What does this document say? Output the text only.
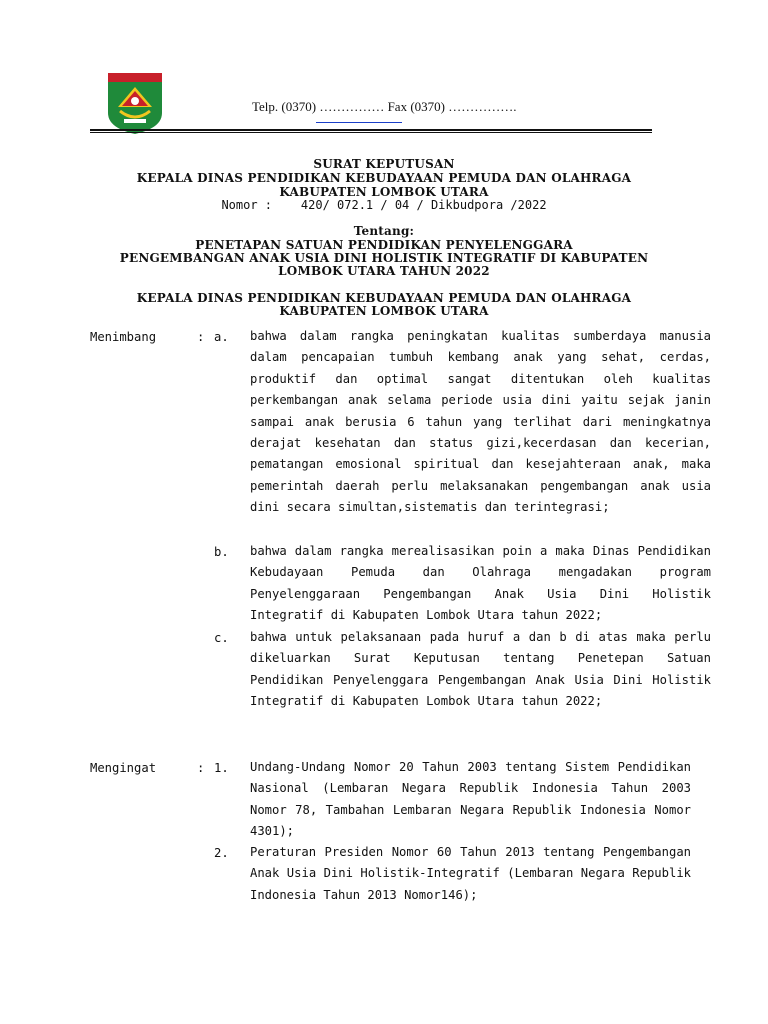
Telp. (0370) …………… Fax (0370) …………….
SURAT KEPUTUSAN
KEPALA DINAS PENDIDIKAN KEBUDAYAAN PEMUDA DAN OLAHRAGA
KABUPATEN LOMBOK UTARA
Nomor :    420/ 072.1 / 04 / Dikbudpora /2022
Tentang:
PENETAPAN SATUAN PENDIDIKAN PENYELENGGARA
PENGEMBANGAN ANAK USIA DINI HOLISTIK INTEGRATIF DI KABUPATEN
LOMBOK UTARA TAHUN 2022
KEPALA DINAS PENDIDIKAN KEBUDAYAAN PEMUDA DAN OLAHRAGA
KABUPATEN LOMBOK UTARA
Menimbang	: a. bahwa dalam rangka peningkatan kualitas sumberdaya manusia dalam pencapaian tumbuh kembang anak yang sehat, cerdas, produktif dan optimal sangat ditentukan oleh kualitas perkembangan anak selama periode usia dini yaitu sejak janin sampai anak berusia 6 tahun yang terlihat dari meningkatnya derajat kesehatan dan status gizi,kecerdasan dan kecerian, pematangan emosional spiritual dan kesejahteraan anak, maka pemerintah daerah perlu melaksanakan pengembangan anak usia dini secara simultan,sistematis dan terintegrasi;
b. bahwa dalam rangka merealisasikan poin a maka Dinas Pendidikan Kebudayaan Pemuda dan Olahraga mengadakan program Penyelenggaraan Pengembangan Anak Usia Dini Holistik Integratif di Kabupaten Lombok Utara tahun 2022;
c. bahwa untuk pelaksanaan pada huruf a dan b di atas maka perlu dikeluarkan Surat Keputusan tentang Penetepan Satuan Pendidikan Penyelenggara Pengembangan Anak Usia Dini Holistik Integratif di Kabupaten Lombok Utara tahun 2022;
Mengingat	: 1. Undang-Undang Nomor 20 Tahun 2003 tentang Sistem Pendidikan Nasional (Lembaran Negara Republik Indonesia Tahun 2003 Nomor 78, Tambahan Lembaran Negara Republik Indonesia Nomor 4301);
2. Peraturan Presiden Nomor 60 Tahun 2013 tentang Pengembangan Anak Usia Dini Holistik-Integratif (Lembaran Negara Republik Indonesia Tahun 2013 Nomor146);
